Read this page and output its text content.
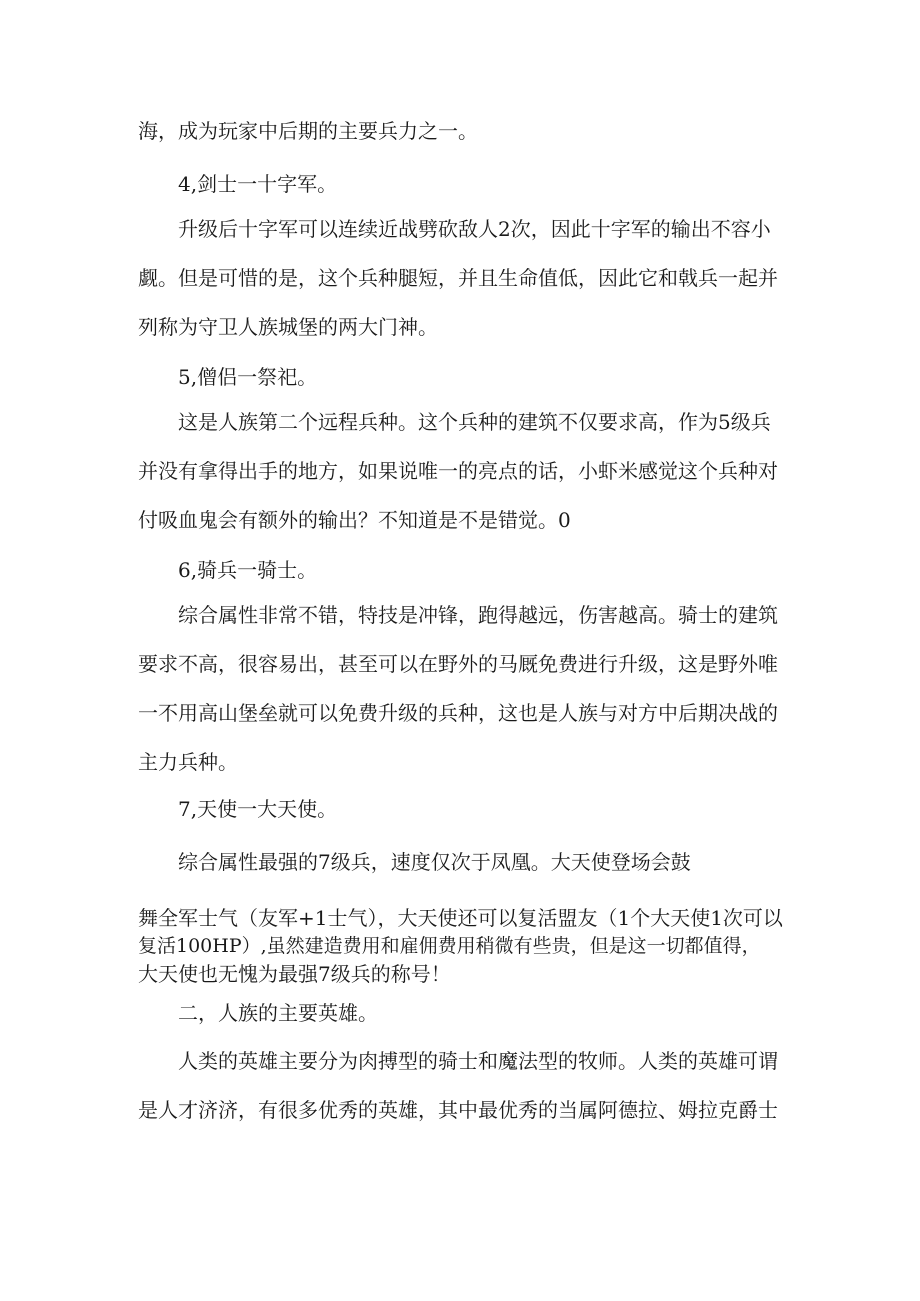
海，成为玩家中后期的主要兵力之一。
4,剑士一十字军。
升级后十字军可以连续近战劈砍敌人2次，因此十字军的输出不容小
觑。但是可惜的是，这个兵种腿短，并且生命值低，因此它和戟兵一起并
列称为守卫人族城堡的两大门神。
5,僧侣一祭祀。
这是人族第二个远程兵种。这个兵种的建筑不仅要求高，作为5级兵
并没有拿得出手的地方，如果说唯一的亮点的话，小虾米感觉这个兵种对
付吸血鬼会有额外的输出？不知道是不是错觉。0
6,骑兵一骑士。
综合属性非常不错，特技是冲锋，跑得越远，伤害越高。骑士的建筑
要求不高，很容易出，甚至可以在野外的马厩免费进行升级，这是野外唯
一不用高山堡垒就可以免费升级的兵种，这也是人族与对方中后期决战的
主力兵种。
7,天使一大天使。
综合属性最强的7级兵，速度仅次于凤凰。大天使登场会鼓
舞全军士气（友军+1士气），大天使还可以复活盟友（1个大天使1次可以
复活100HP）,虽然建造费用和雇佣费用稍微有些贵，但是这一切都值得，
大天使也无愧为最强7级兵的称号！
二，人族的主要英雄。
人类的英雄主要分为肉搏型的骑士和魔法型的牧师。人类的英雄可谓
是人才济济，有很多优秀的英雄，其中最优秀的当属阿德拉、姆拉克爵士
